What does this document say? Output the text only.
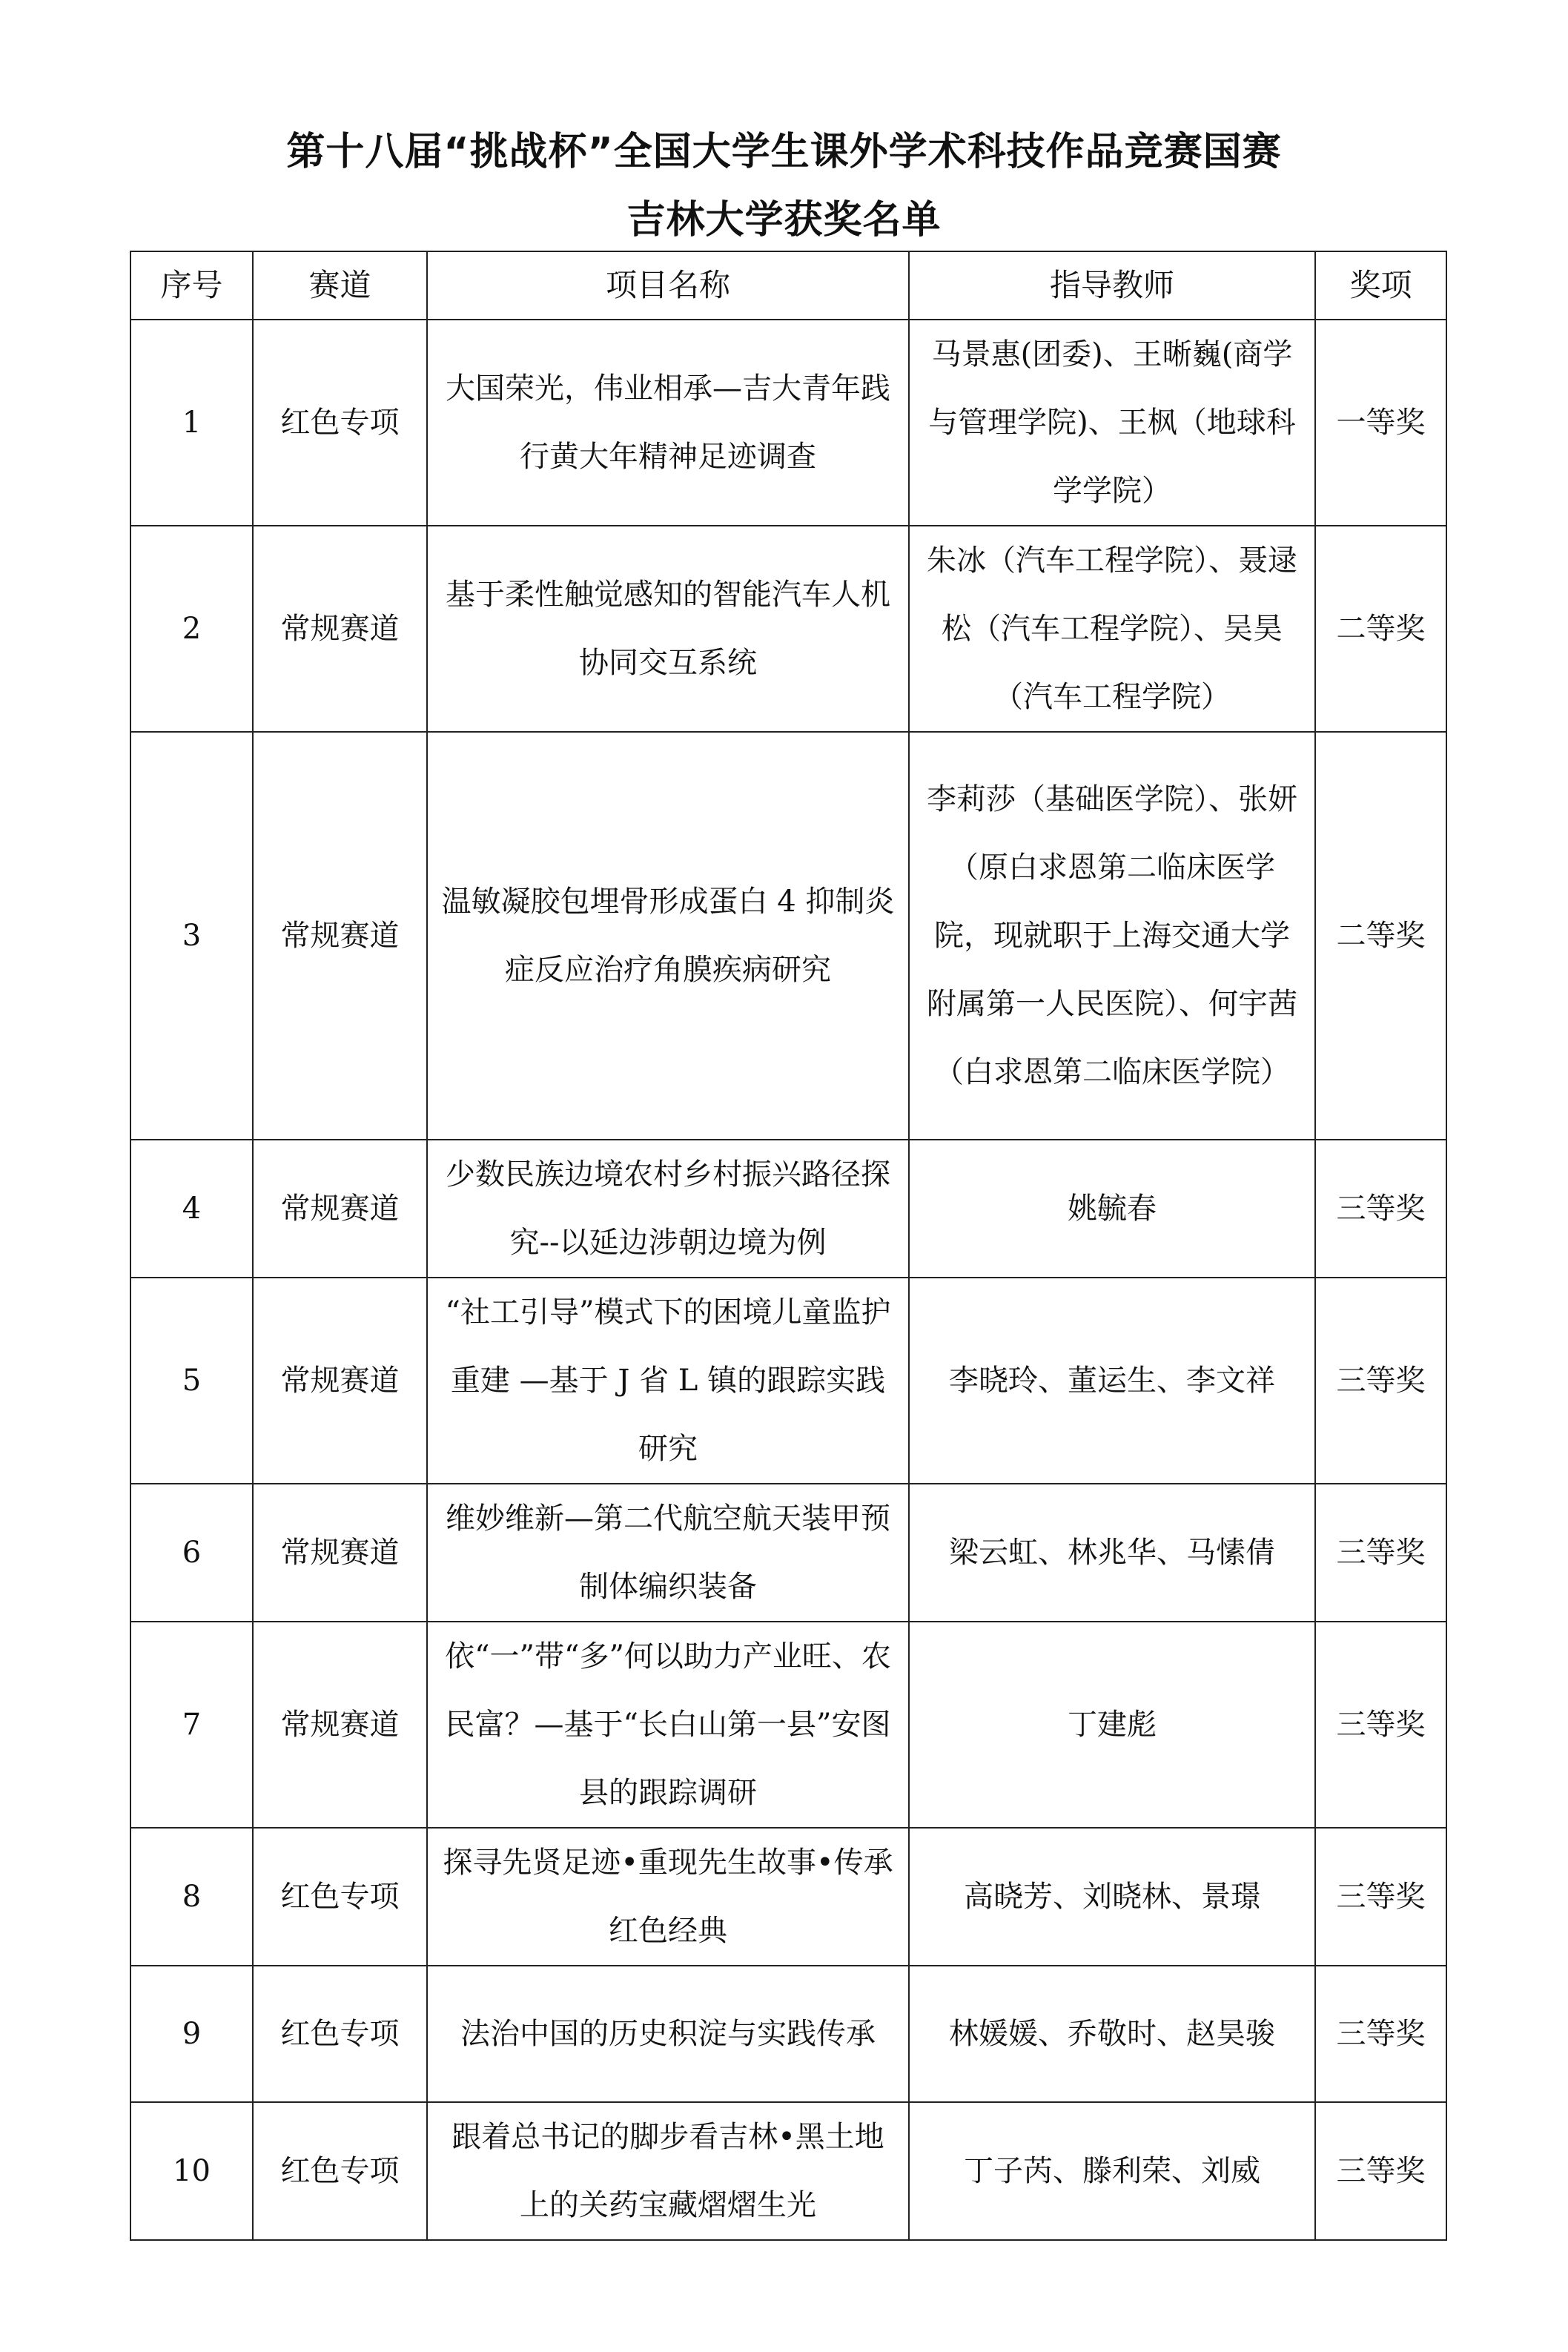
第十八届“挑战杯”全国大学生课外学术科技作品竞赛国赛
吉林大学获奖名单
序号	赛道	项目名称	指导教师	奖项
1	红色专项	大国荣光，伟业相承—吉大青年践行黄大年精神足迹调查	马景惠(团委)、王晰巍(商学与管理学院)、王枫（地球科学学院）	一等奖
2	常规赛道	基于柔性触觉感知的智能汽车人机协同交互系统	朱冰（汽车工程学院）、聂逯松（汽车工程学院）、吴昊（汽车工程学院）	二等奖
3	常规赛道	温敏凝胶包埋骨形成蛋白 4 抑制炎症反应治疗角膜疾病研究	李莉莎（基础医学院）、张妍（原白求恩第二临床医学院，现就职于上海交通大学附属第一人民医院）、何宇茜（白求恩第二临床医学院）	二等奖
4	常规赛道	少数民族边境农村乡村振兴路径探究--以延边涉朝边境为例	姚毓春	三等奖
5	常规赛道	“社工引导”模式下的困境儿童监护重建 —基于 J 省 L 镇的跟踪实践研究	李晓玲、董运生、李文祥	三等奖
6	常规赛道	维妙维新—第二代航空航天装甲预制体编织装备	梁云虹、林兆华、马愫倩	三等奖
7	常规赛道	依“一”带“多”何以助力产业旺、农民富？—基于“长白山第一县”安图县的跟踪调研	丁建彪	三等奖
8	红色专项	探寻先贤足迹•重现先生故事•传承红色经典	高晓芳、刘晓林、景璟	三等奖
9	红色专项	法治中国的历史积淀与实践传承	林媛媛、乔敬时、赵昊骏	三等奖
10	红色专项	跟着总书记的脚步看吉林•黑土地上的关药宝藏熠熠生光	丁子芮、滕利荣、刘威	三等奖
